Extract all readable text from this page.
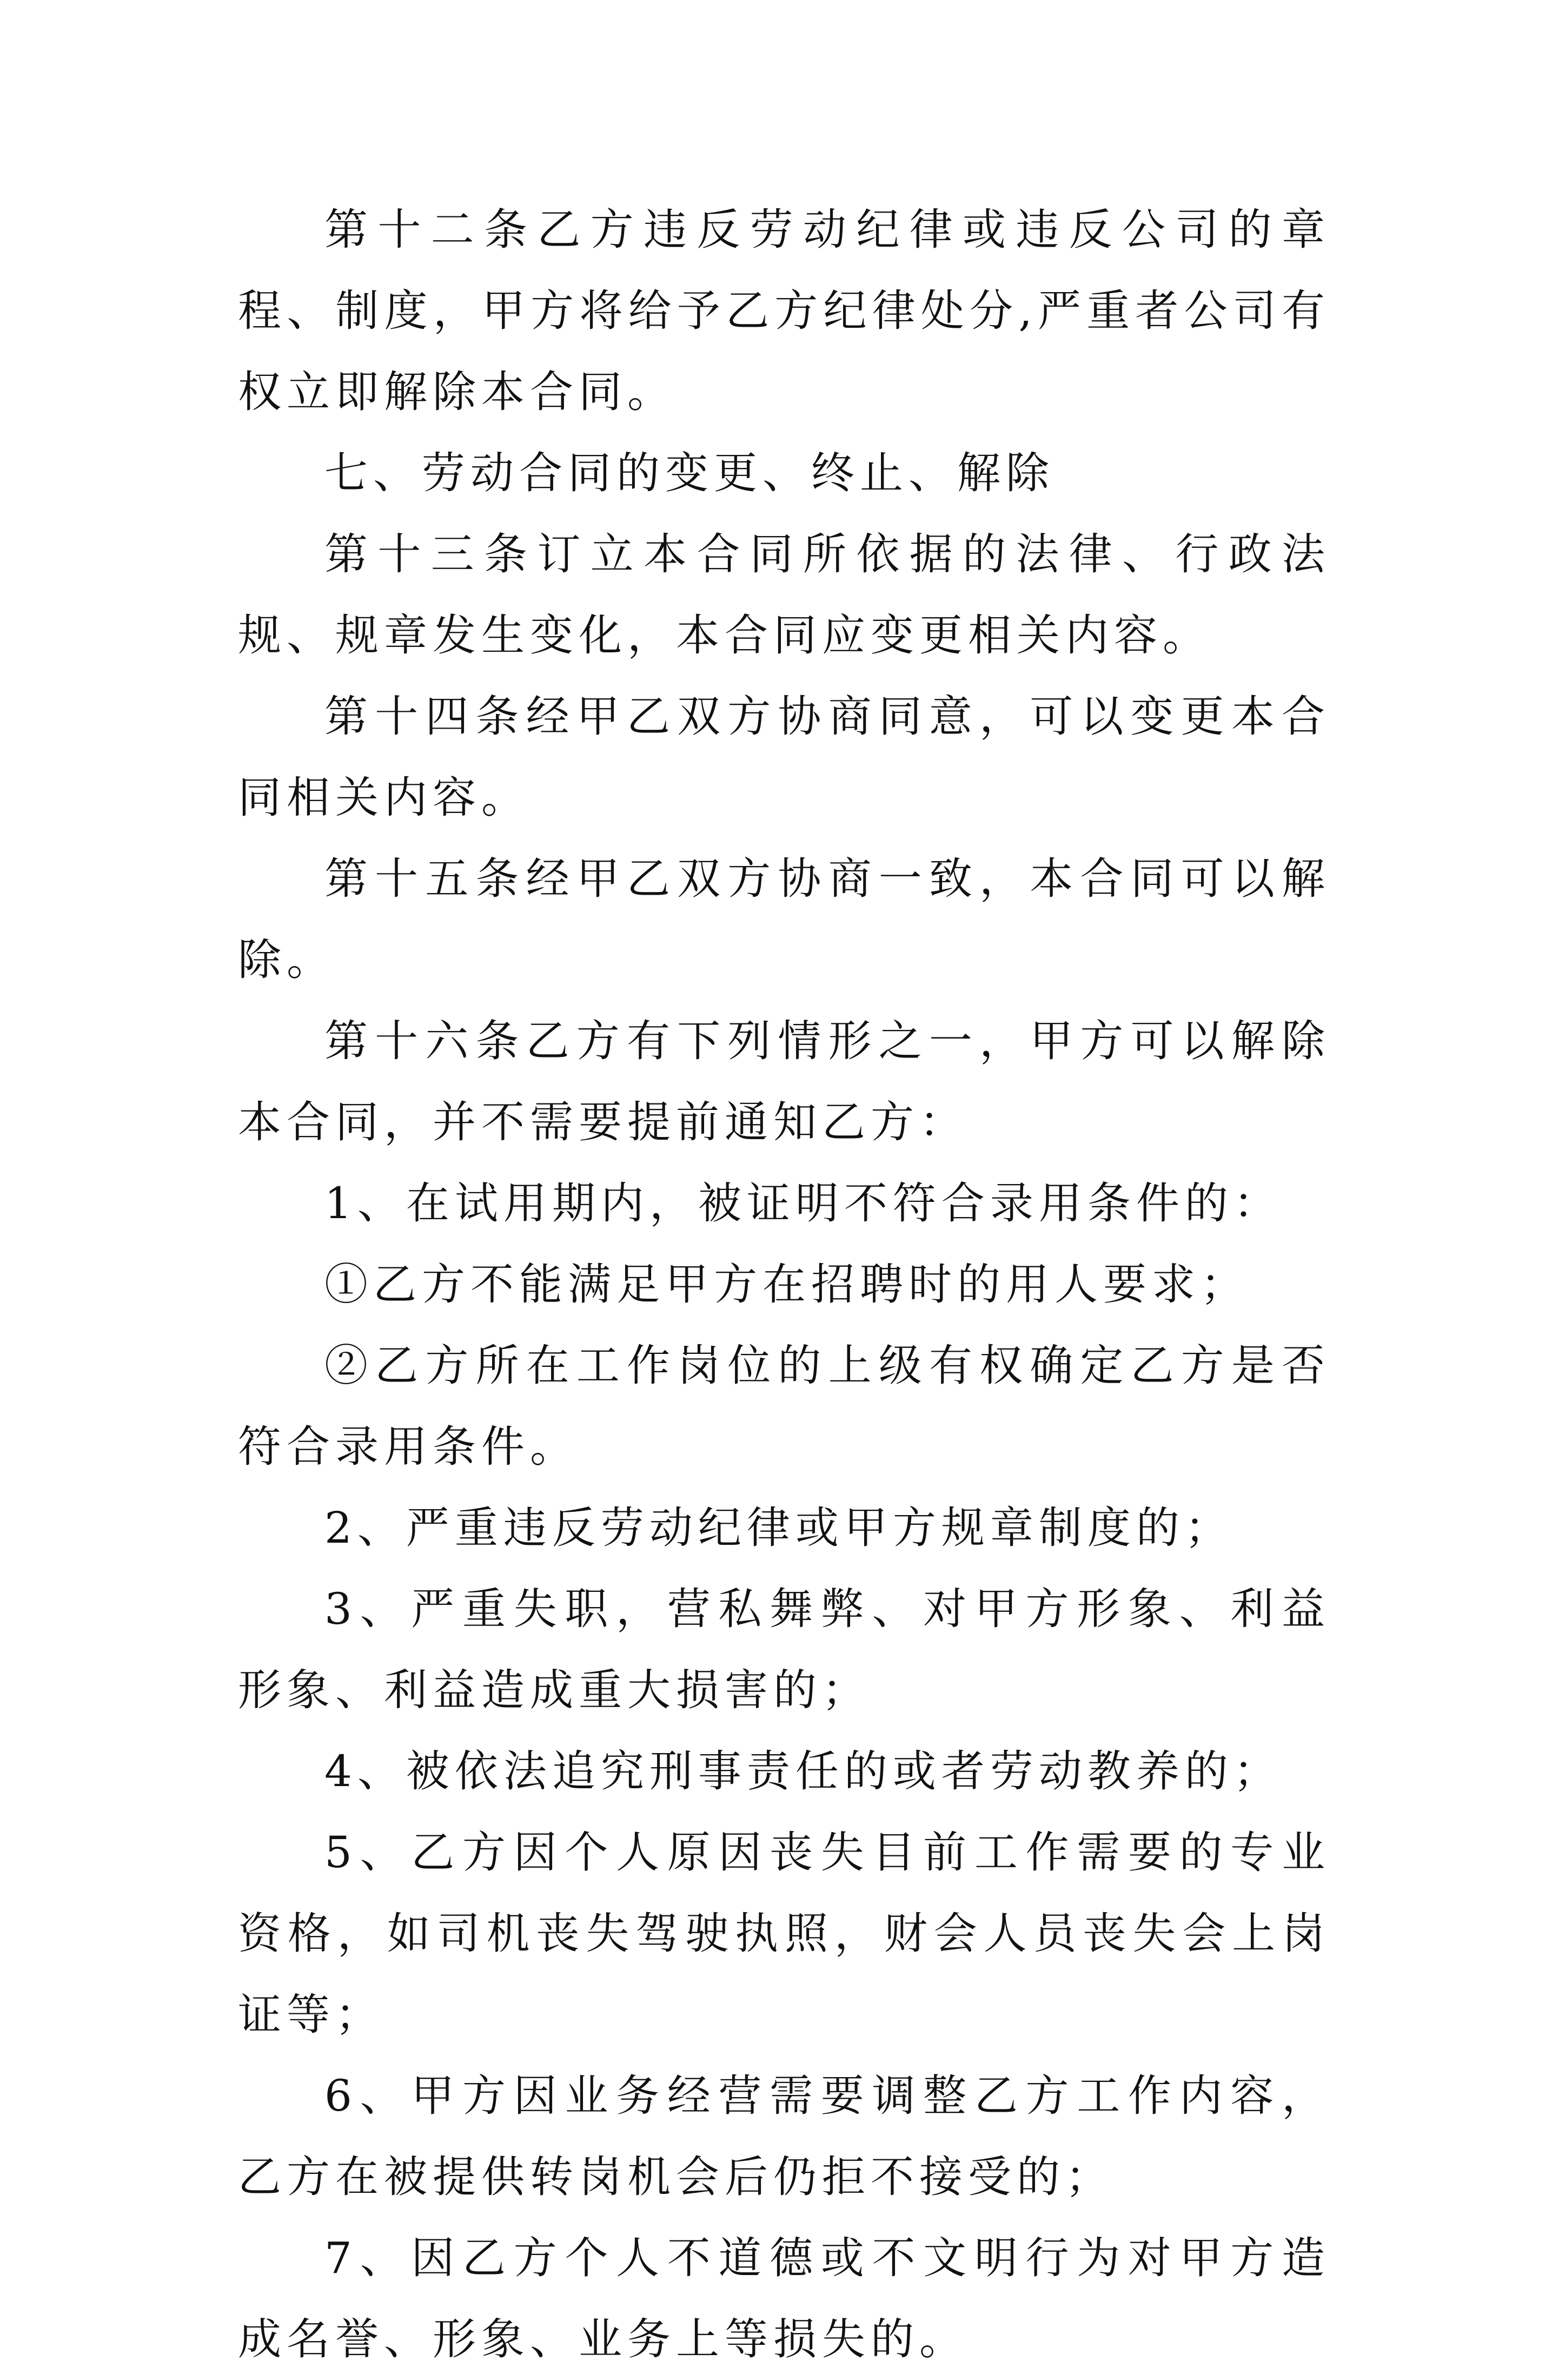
第十二条乙方违反劳动纪律或违反公司的章程、制度，甲方将给予乙方纪律处分,严重者公司有权立即解除本合同。

七、劳动合同的变更、终止、解除

第十三条订立本合同所依据的法律、行政法规、规章发生变化，本合同应变更相关内容。

第十四条经甲乙双方协商同意，可以变更本合同相关内容。

第十五条经甲乙双方协商一致，本合同可以解除。

第十六条乙方有下列情形之一，甲方可以解除本合同，并不需要提前通知乙方：

1、在试用期内，被证明不符合录用条件的：

①乙方不能满足甲方在招聘时的用人要求；

②乙方所在工作岗位的上级有权确定乙方是否符合录用条件。

2、严重违反劳动纪律或甲方规章制度的；

3、严重失职，营私舞弊、对甲方形象、利益形象、利益造成重大损害的；

4、被依法追究刑事责任的或者劳动教养的；

5、乙方因个人原因丧失目前工作需要的专业资格，如司机丧失驾驶执照，财会人员丧失会上岗证等；

6、甲方因业务经营需要调整乙方工作内容，乙方在被提供转岗机会后仍拒不接受的；

7、因乙方个人不道德或不文明行为对甲方造成名誉、形象、业务上等损失的。
